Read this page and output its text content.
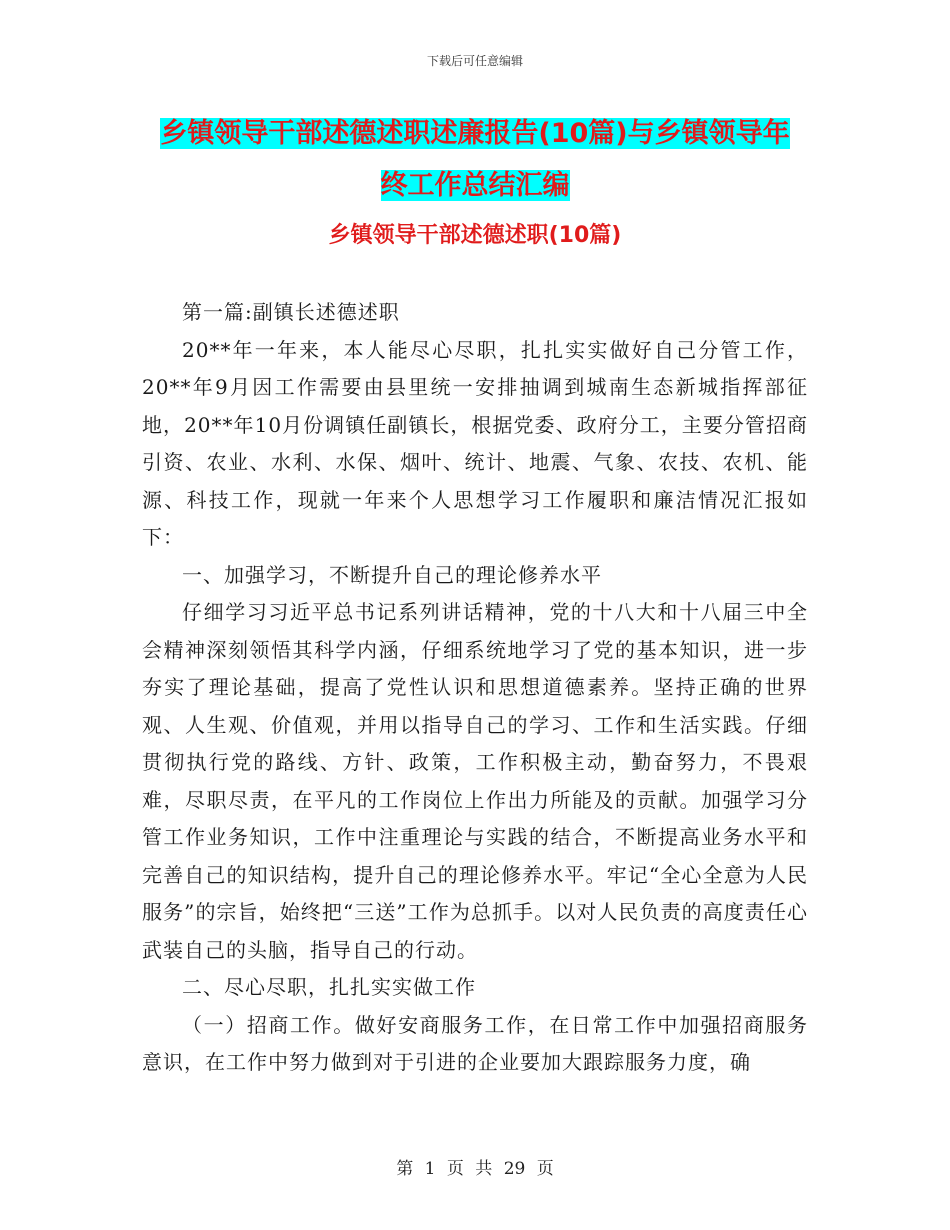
下载后可任意编辑
乡镇领导干部述德述职述廉报告(10篇)与乡镇领导年
终工作总结汇编
乡镇领导干部述德述职(10篇)

第一篇:副镇长述德述职

20**年一年来，本人能尽心尽职，扎扎实实做好自己分管工作，20**年9月因工作需要由县里统一安排抽调到城南生态新城指挥部征地，20**年10月份调镇任副镇长，根据党委、政府分工，主要分管招商引资、农业、水利、水保、烟叶、统计、地震、气象、农技、农机、能源、科技工作，现就一年来个人思想学习工作履职和廉洁情况汇报如下：

一、加强学习，不断提升自己的理论修养水平

仔细学习习近平总书记系列讲话精神，党的十八大和十八届三中全会精神深刻领悟其科学内涵，仔细系统地学习了党的基本知识，进一步夯实了理论基础，提高了党性认识和思想道德素养。坚持正确的世界观、人生观、价值观，并用以指导自己的学习、工作和生活实践。仔细贯彻执行党的路线、方针、政策，工作积极主动，勤奋努力，不畏艰难，尽职尽责，在平凡的工作岗位上作出力所能及的贡献。加强学习分管工作业务知识，工作中注重理论与实践的结合，不断提高业务水平和完善自己的知识结构，提升自己的理论修养水平。牢记“全心全意为人民服务”的宗旨，始终把“三送”工作为总抓手。以对人民负责的高度责任心武装自己的头脑，指导自己的行动。

二、尽心尽职，扎扎实实做工作

（一）招商工作。做好安商服务工作，在日常工作中加强招商服务意识，在工作中努力做到对于引进的企业要加大跟踪服务力度，确

第 1 页 共 29 页
